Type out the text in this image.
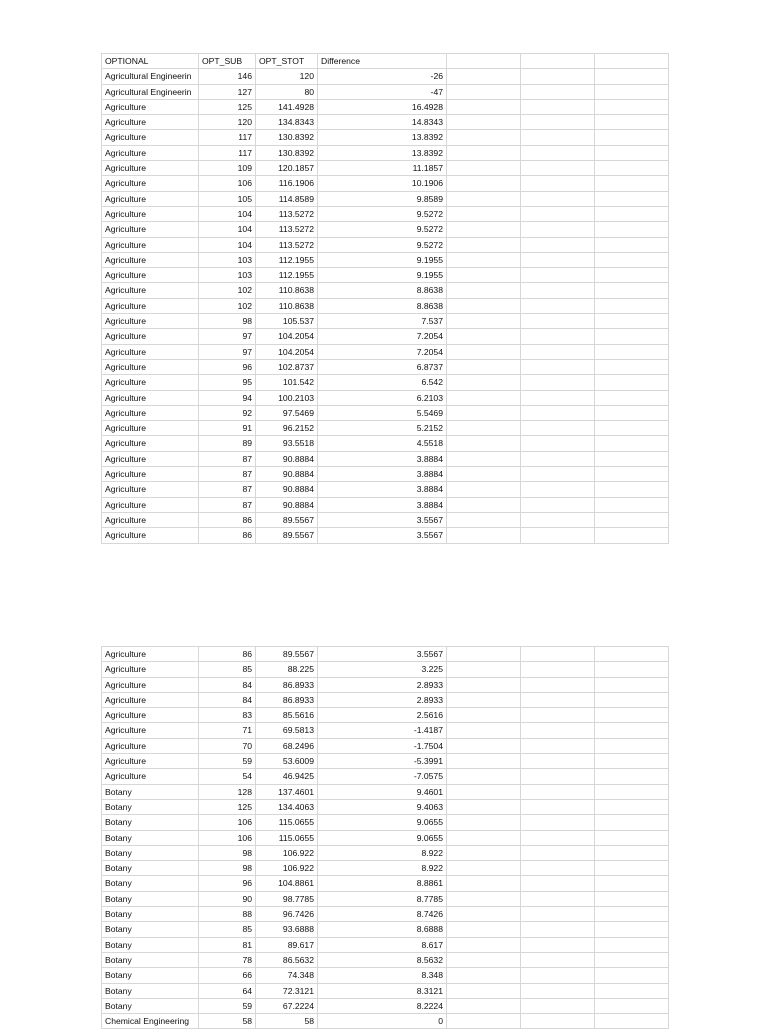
OPTIONAL	OPT_SUB	OPT_STOT	Difference			
Agricultural Engineerin	146	120	-26			
Agricultural Engineerin	127	80	-47			
Agriculture	125	141.4928	16.4928			
Agriculture	120	134.8343	14.8343			
Agriculture	117	130.8392	13.8392			
Agriculture	117	130.8392	13.8392			
Agriculture	109	120.1857	11.1857			
Agriculture	106	116.1906	10.1906			
Agriculture	105	114.8589	9.8589			
Agriculture	104	113.5272	9.5272			
Agriculture	104	113.5272	9.5272			
Agriculture	104	113.5272	9.5272			
Agriculture	103	112.1955	9.1955			
Agriculture	103	112.1955	9.1955			
Agriculture	102	110.8638	8.8638			
Agriculture	102	110.8638	8.8638			
Agriculture	98	105.537	7.537			
Agriculture	97	104.2054	7.2054			
Agriculture	97	104.2054	7.2054			
Agriculture	96	102.8737	6.8737			
Agriculture	95	101.542	6.542			
Agriculture	94	100.2103	6.2103			
Agriculture	92	97.5469	5.5469			
Agriculture	91	96.2152	5.2152			
Agriculture	89	93.5518	4.5518			
Agriculture	87	90.8884	3.8884			
Agriculture	87	90.8884	3.8884			
Agriculture	87	90.8884	3.8884			
Agriculture	87	90.8884	3.8884			
Agriculture	86	89.5567	3.5567			
Agriculture	86	89.5567	3.5567			
Agriculture	86	89.5567	3.5567			
Agriculture	85	88.225	3.225			
Agriculture	84	86.8933	2.8933			
Agriculture	84	86.8933	2.8933			
Agriculture	83	85.5616	2.5616			
Agriculture	71	69.5813	-1.4187			
Agriculture	70	68.2496	-1.7504			
Agriculture	59	53.6009	-5.3991			
Agriculture	54	46.9425	-7.0575			
Botany	128	137.4601	9.4601			
Botany	125	134.4063	9.4063			
Botany	106	115.0655	9.0655			
Botany	106	115.0655	9.0655			
Botany	98	106.922	8.922			
Botany	98	106.922	8.922			
Botany	96	104.8861	8.8861			
Botany	90	98.7785	8.7785			
Botany	88	96.7426	8.7426			
Botany	85	93.6888	8.6888			
Botany	81	89.617	8.617			
Botany	78	86.5632	8.5632			
Botany	66	74.348	8.348			
Botany	64	72.3121	8.3121			
Botany	59	67.2224	8.2224			
Chemical Engineering	58	58	0			
